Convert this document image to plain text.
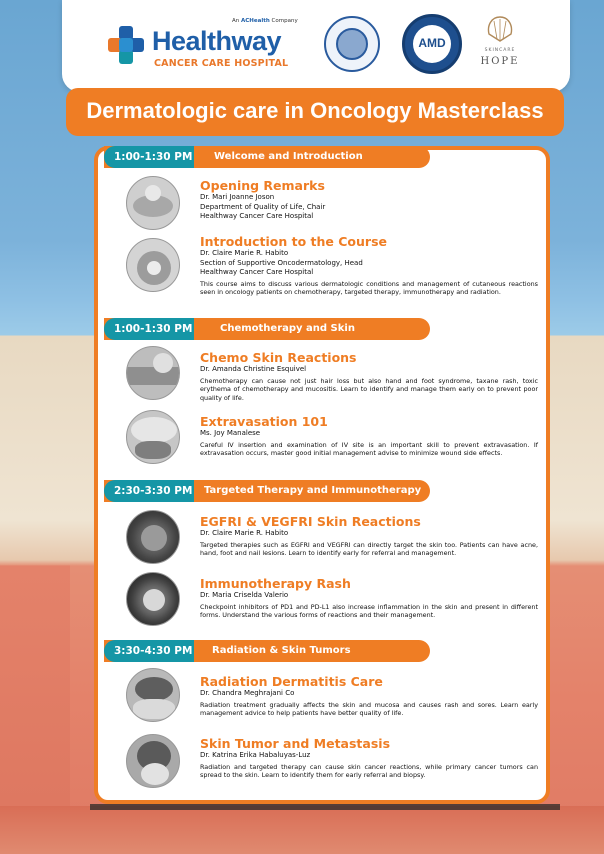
An ACHealth Company
Healthway
CANCER CARE HOSPITAL
AMD
SKINCARE
HOPE
Dermatologic care in Oncology Masterclass
1:00-1:30 PM Welcome and Introduction
Opening Remarks
Dr. Mari Joanne Joson
Department of Quality of Life, Chair
Healthway Cancer Care Hospital
Introduction to the Course
Dr. Claire Marie R. Habito
Section of Supportive Oncodermatology, Head
Healthway Cancer Care Hospital
This course aims to discuss various dermatologic conditions and management of cutaneous reactions seen in oncology patients on chemotherapy, targeted therapy, immunotherapy and radiation.
1:00-1:30 PM	Chemotherapy and Skin
Chemo Skin Reactions
Dr. Amanda Christine Esquivel
Chemotherapy can cause not just hair loss but also hand and foot syndrome, taxane rash, toxic erythema of chemotherapy and mucositis. Learn to identify and manage them early on to prevent poor quality of life.
Extravasation 101
Ms. Joy Manalese
Careful IV insertion and examination of IV site is an important skill to prevent extravasation. If extravasation occurs, master good initial management advise to minimize wound side effects.
2:30-3:30 PM Targeted Therapy and Immunotherapy
EGFRI & VEGFRI Skin Reactions
Dr. Claire Marie R. Habito
Targeted therapies such as EGFRI and VEGFRI can directly target the skin too. Patients can have acne, hand, foot and nail lesions. Learn to identify early for referral and management.
Immunotherapy Rash
Dr. Maria Criselda Valerio
Checkpoint inhibitors of PD1 and PD-L1 also increase inflammation in the skin and present in different forms. Understand the various forms of reactions and their management.
3:30-4:30 PM Radiation & Skin Tumors
Radiation Dermatitis Care
Dr. Chandra Meghrajani Co
Radiation treatment gradually affects the skin and mucosa and causes rash and sores. Learn early management advice to help patients have better quality of life.
Skin Tumor and Metastasis
Dr. Katrina Erika Habaluyas-Luz
Radiation and targeted therapy can cause skin cancer reactions, while primary cancer tumors can spread to the skin. Learn to identify them for early referral and biopsy.
